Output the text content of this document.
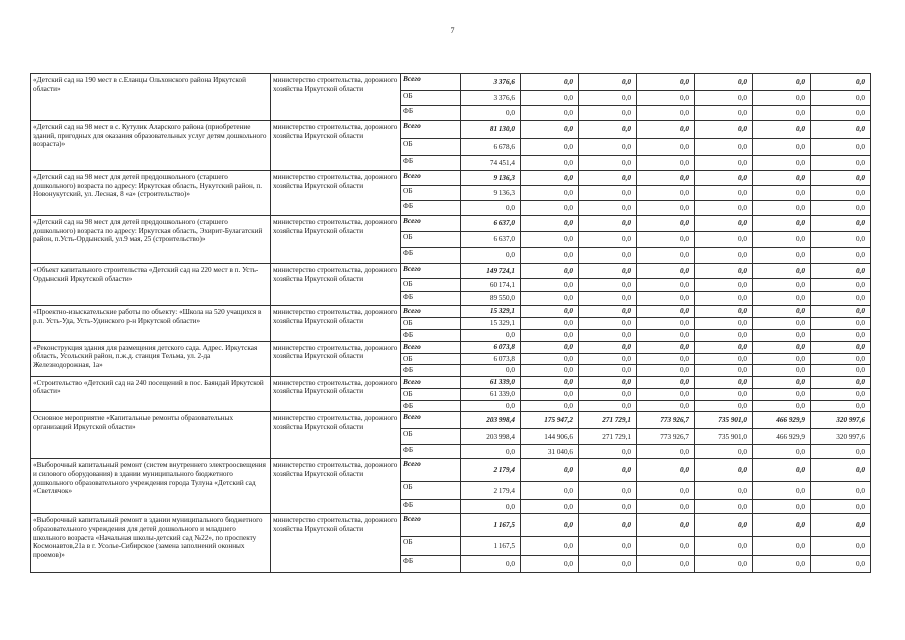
7
«Детский сад на 190 мест в с.Еланцы Ольхонского района Иркутской области»	министерство строительства, дорожного хозяйства Иркутской области	Всего	3 376,6	0,0	0,0	0,0	0,0	0,0	0,0
		ОБ	3 376,6	0,0	0,0	0,0	0,0	0,0	0,0
		ФБ	0,0	0,0	0,0	0,0	0,0	0,0	0,0
«Детский сад на 98 мест в с. Кутулик Аларского района (приобретение зданий, пригодных для оказания образовательных услуг детям дошкольного возраста)»	министерство строительства, дорожного хозяйства Иркутской области	Всего	81 130,0	0,0	0,0	0,0	0,0	0,0	0,0
		ОБ	6 678,6	0,0	0,0	0,0	0,0	0,0	0,0
		ФБ	74 451,4	0,0	0,0	0,0	0,0	0,0	0,0
«Детский сад на 98 мест для детей преддошкольного (старшего дошкольного) возраста по адресу: Иркутская область, Нукутский район, п. Новонукутский, ул. Лесная, 8 «а» (строительство)»	министерство строительства, дорожного хозяйства Иркутской области	Всего	9 136,3	0,0	0,0	0,0	0,0	0,0	0,0
		ОБ	9 136,3	0,0	0,0	0,0	0,0	0,0	0,0
		ФБ	0,0	0,0	0,0	0,0	0,0	0,0	0,0
«Детский сад на 98 мест для детей преддошкольного (старшего дошкольного) возраста по адресу: Иркутская область, Эхирит-Булагатский район, п.Усть-Ордынский, ул.9 мая, 25 (строительство)»	министерство строительства, дорожного хозяйства Иркутской области	Всего	6 637,0	0,0	0,0	0,0	0,0	0,0	0,0
		ОБ	6 637,0	0,0	0,0	0,0	0,0	0,0	0,0
		ФБ	0,0	0,0	0,0	0,0	0,0	0,0	0,0
«Объект капитального строительства «Детский сад на 220 мест в п. Усть-Ордынский Иркутской области»	министерство строительства, дорожного хозяйства Иркутской области	Всего	149 724,1	0,0	0,0	0,0	0,0	0,0	0,0
		ОБ	60 174,1	0,0	0,0	0,0	0,0	0,0	0,0
		ФБ	89 550,0	0,0	0,0	0,0	0,0	0,0	0,0
«Проектно-изыскательские работы по объекту: «Школа на 520 учащихся в р.п. Усть-Уда, Усть-Удинского р-н Иркутской области»	министерство строительства, дорожного хозяйства Иркутской области	Всего	15 329,1	0,0	0,0	0,0	0,0	0,0	0,0
		ОБ	15 329,1	0,0	0,0	0,0	0,0	0,0	0,0
		ФБ	0,0	0,0	0,0	0,0	0,0	0,0	0,0
«Реконструкция здания для размещения детского сада. Адрес. Иркутская область, Усольский район, п.ж.д. станция Тельма, ул. 2-да Железнодорожная, 1а»	министерство строительства, дорожного хозяйства Иркутской области	Всего	6 073,8	0,0	0,0	0,0	0,0	0,0	0,0
		ОБ	6 073,8	0,0	0,0	0,0	0,0	0,0	0,0
		ФБ	0,0	0,0	0,0	0,0	0,0	0,0	0,0
«Строительство «Детский сад на 240 посещений в пос. Баяндай Иркутской области»	министерство строительства, дорожного хозяйства Иркутской области	Всего	61 339,0	0,0	0,0	0,0	0,0	0,0	0,0
		ОБ	61 339,0	0,0	0,0	0,0	0,0	0,0	0,0
		ФБ	0,0	0,0	0,0	0,0	0,0	0,0	0,0
Основное мероприятие «Капитальные ремонты образовательных организаций Иркутской области»	министерство строительства, дорожного хозяйства Иркутской области	Всего	203 998,4	175 947,2	271 729,1	773 926,7	735 901,0	466 929,9	320 997,6
		ОБ	203 998,4	144 906,6	271 729,1	773 926,7	735 901,0	466 929,9	320 997,6
		ФБ	0,0	31 040,6	0,0	0,0	0,0	0,0	0,0
«Выборочный капитальный ремонт (систем внутреннего электроосвещения и силового оборудования) в здании муниципального бюджетного дошкольного образовательного учреждения города Тулуна «Детский сад «Светлячок»	министерство строительства, дорожного хозяйства Иркутской области	Всего	2 179,4	0,0	0,0	0,0	0,0	0,0	0,0
		ОБ	2 179,4	0,0	0,0	0,0	0,0	0,0	0,0
		ФБ	0,0	0,0	0,0	0,0	0,0	0,0	0,0
«Выборочный капитальный ремонт в здании муниципального бюджетного образовательного учреждения для детей дошкольного и младшего школьного возраста «Начальная школы-детский сад №22», по проспекту Космонавтов,21а в г. Усолье-Сибирское (замена заполнений оконных проемов)»	министерство строительства, дорожного хозяйства Иркутской области	Всего	1 167,5	0,0	0,0	0,0	0,0	0,0	0,0
		ОБ	1 167,5	0,0	0,0	0,0	0,0	0,0	0,0
		ФБ	0,0	0,0	0,0	0,0	0,0	0,0	0,0
